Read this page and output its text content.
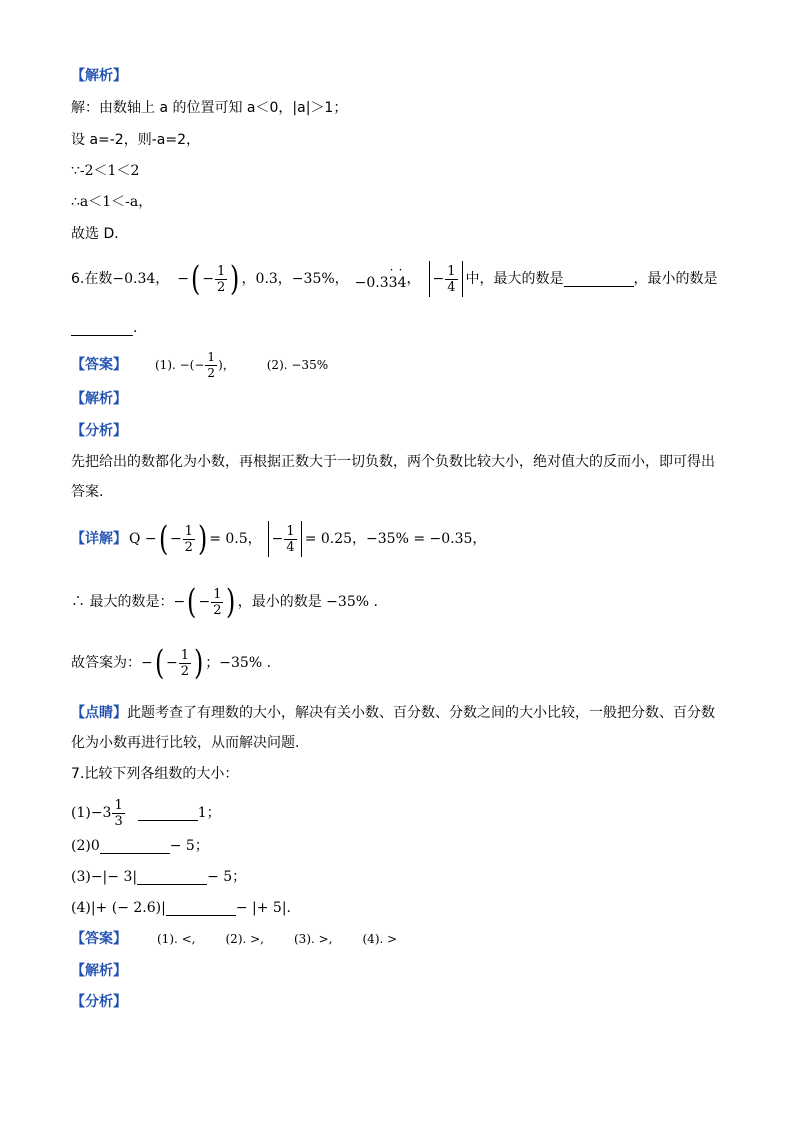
【解析】
解：由数轴上 a 的位置可知 a＜0，|a|＞1；
设 a=-2，则-a=2，
∵-2＜1＜2
∴a＜1＜-a，
故选 D．
6.在数 −0.34， − ( − $\frac{1}{2}$ ) ，0.3，−35%， −0.3· 3· 4 ， − $\frac{1}{4}$ 中，最大的数是	，最小的数是
.
【答案】 (1). −(− $\frac{1}{2}$ )，	(2). −35%
【解析】
【分析】
先把给出的数都化为小数，再根据正数大于一切负数，两个负数比较大小，绝对值大的反而小，即可得出
答案.
【详解】 Q − ( − $\frac{1}{2}$ ) = 0.5， − $\frac{1}{4} = 0.25$，−35% = −0.35，
∴ 最大的数是：− ( − $\frac{1}{2}$ ) ，最小的数是 −35% .
故答案为：− ( − $\frac{1}{2}$ ) ；−35% .
【点睛】 此题考查了有理数的大小，解决有关小数、百分数、分数之间的大小比较，一般把分数、百分数
化为小数再进行比较，从而解决问题.
7.比较下列各组数的大小：
$(1)-3 \frac{1}{3}$	1；
(2)0	− 5；
(3)−|− 3|	− 5；
(4)|+ (− 2.6)|	− |+ 5|.
【答案】	(1). <,	(2). >,	(3). >,	(4). >
【解析】
【分析】
